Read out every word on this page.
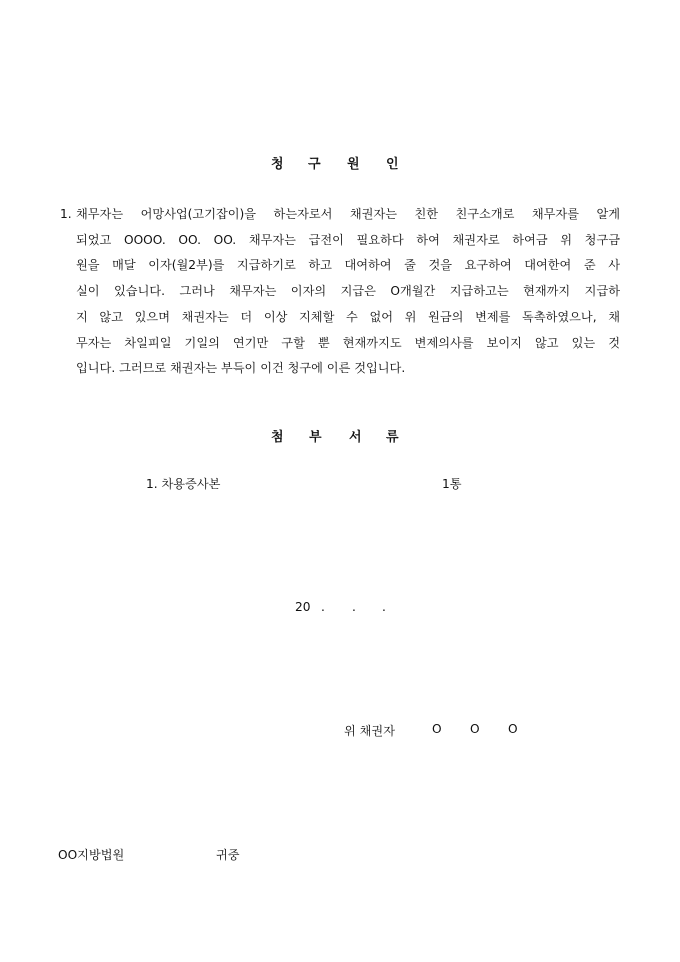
청 구 원 인
1. 채무자는 어망사업(고기잡이)을 하는자로서 채권자는 친한 친구소개로 채무자를 알게
되었고 OOOO. OO. OO. 채무자는 급전이 필요하다 하여 채권자로 하여금 위 청구금
원을 매달 이자(월2부)를 지급하기로 하고 대여하여 줄 것을 요구하여 대여한여 준 사
실이 있습니다. 그러나 채무자는 이자의 지급은 O개월간 지급하고는 현재까지 지급하
지 않고 있으며 채권자는 더 이상 지체할 수 없어 위 원금의 변제를 독촉하였으나, 채
무자는 차일피일 기일의 연기만 구할 뿐 현재까지도 변제의사를 보이지 않고 있는 것
입니다. 그러므로 채권자는 부득이 이건 청구에 이른 것입니다.
첨 부 서 류
1. 차용증사본	1통
20 . . .
위 채권자	O O O
OO지방법원	귀중
